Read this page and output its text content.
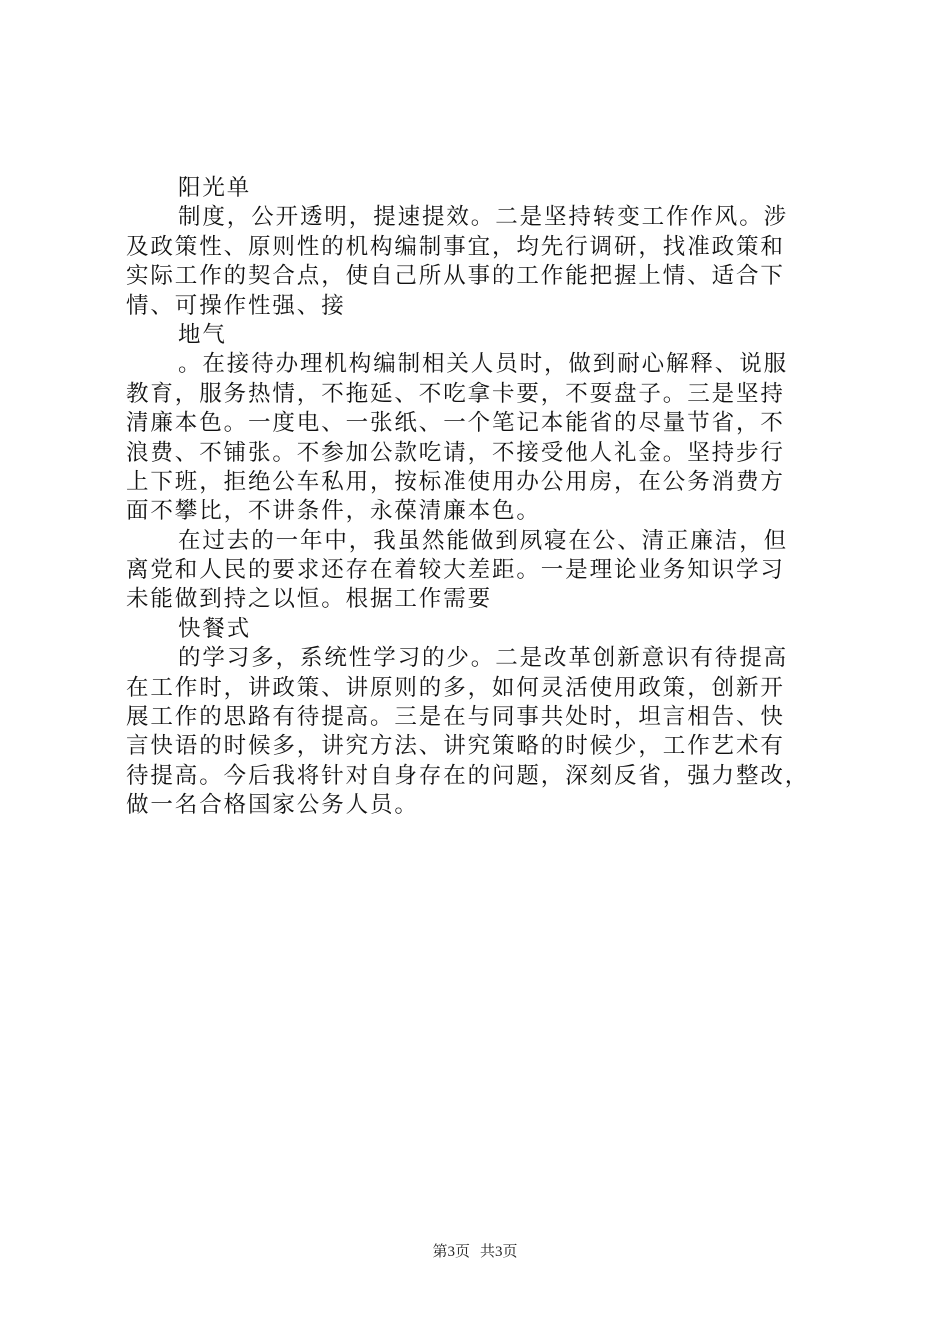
阳光单
制度，公开透明，提速提效。二是坚持转变工作作风。涉
及政策性、原则性的机构编制事宜，均先行调研，找准政策和
实际工作的契合点，使自己所从事的工作能把握上情、适合下
情、可操作性强、接
地气
。在接待办理机构编制相关人员时，做到耐心解释、说服
教育，服务热情，不拖延、不吃拿卡要，不耍盘子。三是坚持
清廉本色。一度电、一张纸、一个笔记本能省的尽量节省，不
浪费、不铺张。不参加公款吃请，不接受他人礼金。坚持步行
上下班，拒绝公车私用，按标准使用办公用房，在公务消费方
面不攀比，不讲条件，永葆清廉本色。
在过去的一年中，我虽然能做到夙寝在公、清正廉洁，但
离党和人民的要求还存在着较大差距。一是理论业务知识学习
未能做到持之以恒。根据工作需要
快餐式
的学习多，系统性学习的少。二是改革创新意识有待提高
在工作时，讲政策、讲原则的多，如何灵活使用政策，创新开
展工作的思路有待提高。三是在与同事共处时，坦言相告、快
言快语的时候多，讲究方法、讲究策略的时候少，工作艺术有
待提高。今后我将针对自身存在的问题，深刻反省，强力整改，
做一名合格国家公务人员。
第3页 共3页
